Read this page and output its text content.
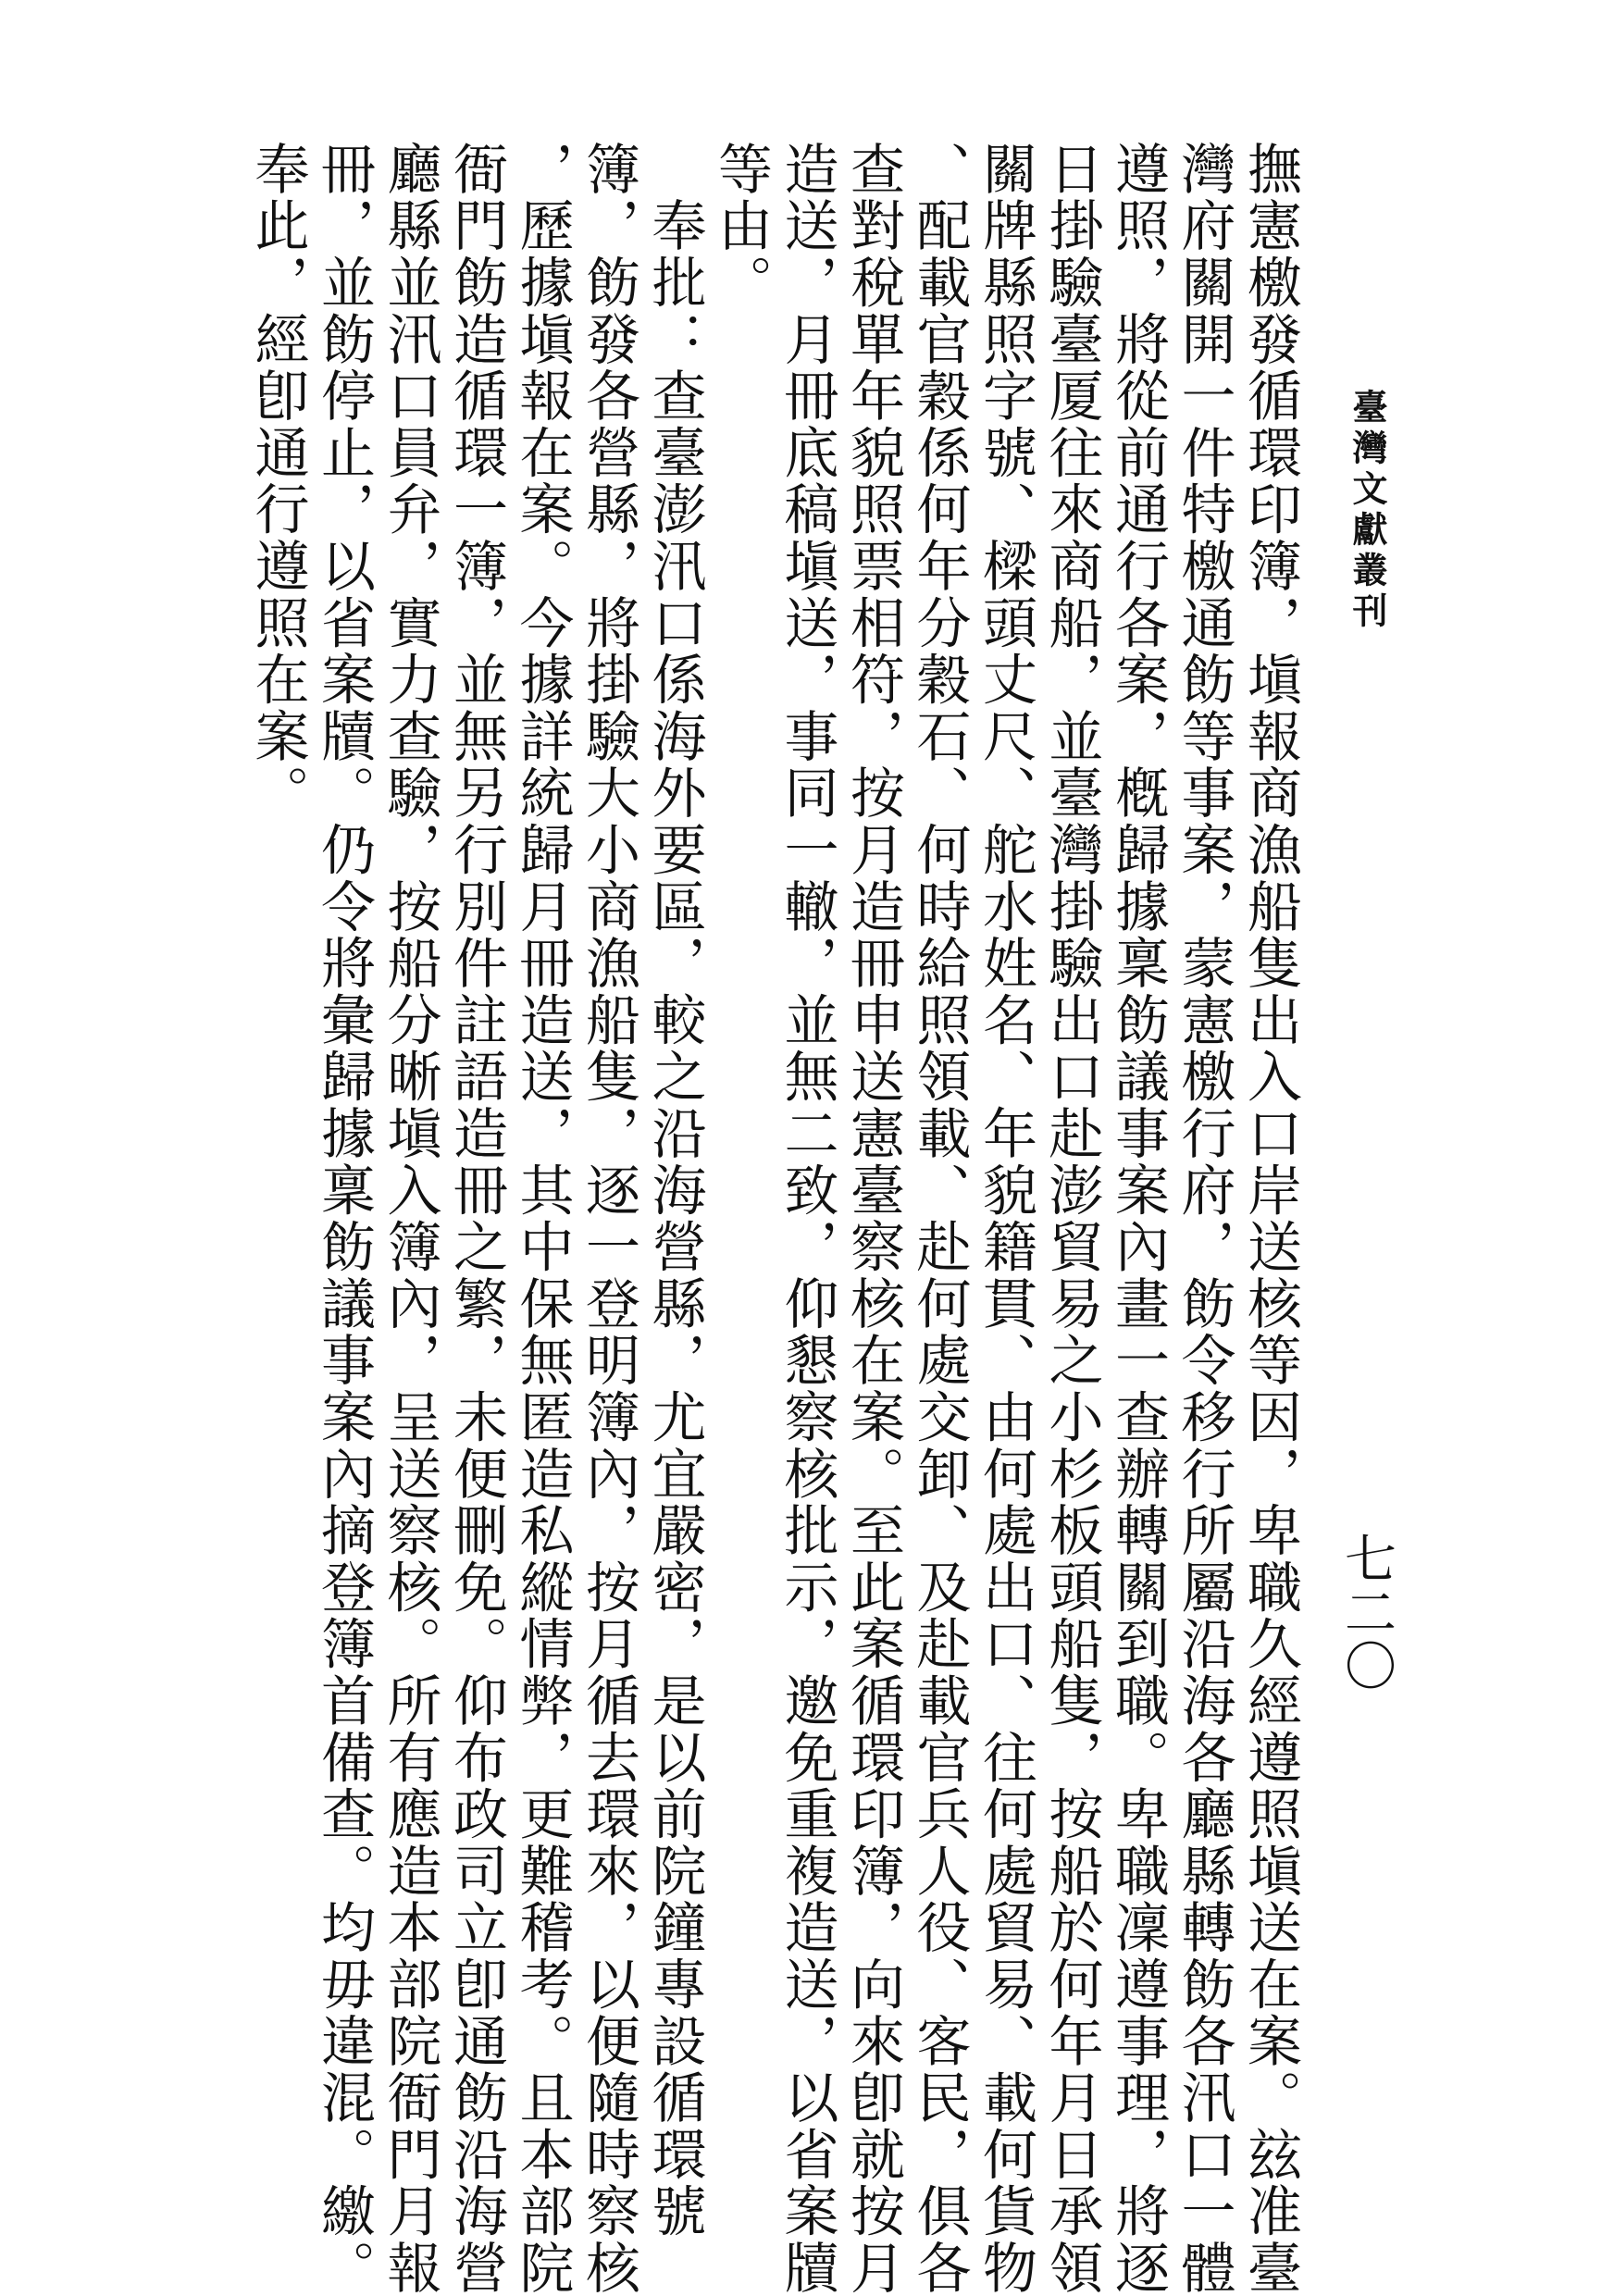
臺灣文獻叢刊
七二〇
撫憲檄發循環印簿，塡報商漁船隻出入口岸送核等因，卑職久經遵照塡送在案。玆准臺
灣府關開一件特檄通飭等事案，蒙憲檄行府，飭令移行所屬沿海各廳縣轉飭各汛口一體
遵照，將從前通行各案，槪歸據稟飭議事案內畫一查辦轉關到職。卑職凜遵事理，將逐
日掛驗臺厦往來商船，並臺灣掛驗出口赴澎貿易之小杉板頭船隻，按船於何年月日承領
關牌縣照字號、樑頭丈尺、舵水姓名、年貌籍貫、由何處出口、往何處貿易、載何貨物
、配載官穀係何年分穀石、何時給照領載、赴何處交卸、及赴載官兵人役、客民，俱各
查對稅單年貌照票相符，按月造冊申送憲臺察核在案。至此案循環印簿，向來卽就按月
造送，月冊底稿塡送，事同一轍，並無二致，仰懇察核批示，邀免重複造送，以省案牘
等由。
　奉批：查臺澎汛口係海外要區，較之沿海營縣，尤宜嚴密，是以前院鐘專設循環號
簿，飭發各營縣，將掛驗大小商漁船隻，逐一登明簿內，按月循去環來，以便隨時察核
，歷據塡報在案。今據詳統歸月冊造送，其中保無匿造私縱情弊，更難稽考。且本部院
衙門飭造循環一簿，並無另行別件註語造冊之繁，未便刪免。仰布政司立卽通飭沿海營
廳縣並汛口員弁，實力查驗，按船分晰塡入簿內，呈送察核。所有應造本部院衙門月報
冊，並飭停止，以省案牘。仍令將彙歸據稟飭議事案內摘登簿首備查。均毋違混。繳。
奉此，經卽通行遵照在案。
